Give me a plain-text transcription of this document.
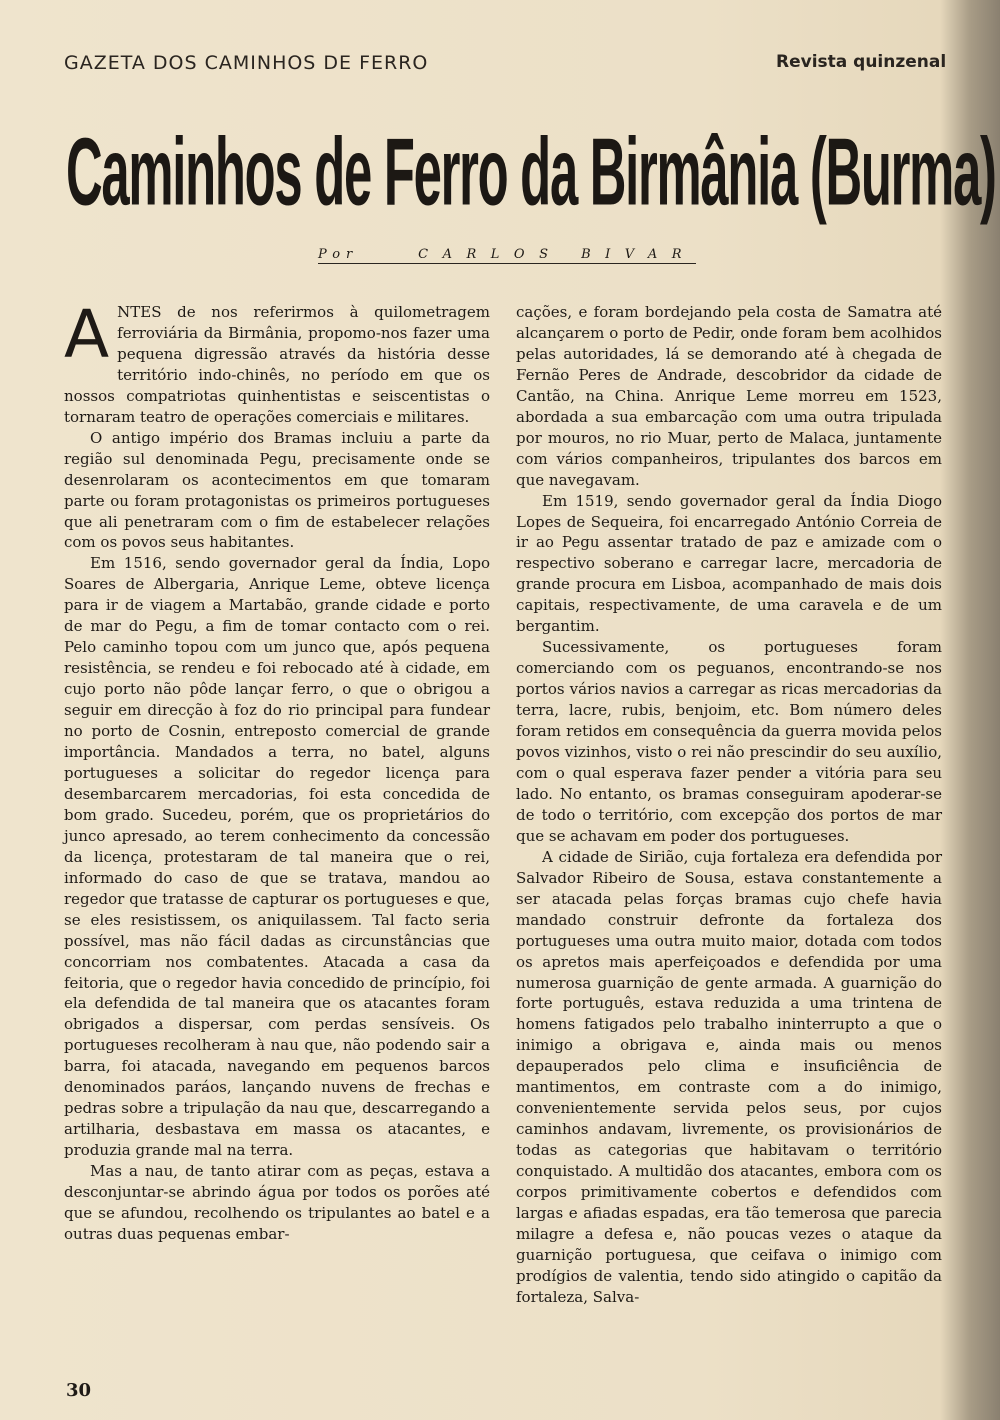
GAZETA DOS CAMINHOS DE FERRO	Revista quinzenal
Caminhos de Ferro da Birmânia (Burma)
Por	CARLOS BIVAR

ANTES de nos referirmos à quilometragem ferroviária da Birmânia, propomo-nos fazer uma pequena digressão através da história desse território indo-chinês, no período em que os nossos compatriotas quinhentistas e seiscentistas o tornaram teatro de operações comerciais e militares.

O antigo império dos Bramas incluiu a parte da região sul denominada Pegu, precisamente onde se desenrolaram os acontecimentos em que tomaram parte ou foram protagonistas os primeiros portugueses que ali penetraram com o fim de estabelecer relações com os povos seus habitantes.

Em 1516, sendo governador geral da Índia, Lopo Soares de Albergaria, Anrique Leme, obteve licença para ir de viagem a Martabão, grande cidade e porto de mar do Pegu, a fim de tomar contacto com o rei. Pelo caminho topou com um junco que, após pequena resistência, se rendeu e foi rebocado até à cidade, em cujo porto não pôde lançar ferro, o que o obrigou a seguir em direcção à foz do rio principal para fundear no porto de Cosnin, entreposto comercial de grande importância. Mandados a terra, no batel, alguns portugueses a solicitar do regedor licença para desembarcarem mercadorias, foi esta concedida de bom grado. Sucedeu, porém, que os proprietários do junco apresado, ao terem conhecimento da concessão da licença, protestaram de tal maneira que o rei, informado do caso de que se tratava, mandou ao regedor que tratasse de capturar os portugueses e que, se eles resistissem, os aniquilassem. Tal facto seria possível, mas não fácil dadas as circunstâncias que concorriam nos combatentes. Atacada a casa da feitoria, que o regedor havia concedido de princípio, foi ela defendida de tal maneira que os atacantes foram obrigados a dispersar, com perdas sensíveis. Os portugueses recolheram à nau que, não podendo sair a barra, foi atacada, navegando em pequenos barcos denominados paráos, lançando nuvens de frechas e pedras sobre a tripulação da nau que, descarregando a artilharia, desbastava em massa os atacantes, e produzia grande mal na terra.

Mas a nau, de tanto atirar com as peças, estava a desconjuntar-se abrindo água por todos os porões até que se afundou, recolhendo os tripulantes ao batel e a outras duas pequenas embar-

cações, e foram bordejando pela costa de Samatra até alcançarem o porto de Pedir, onde foram bem acolhidos pelas autoridades, lá se demorando até à chegada de Fernão Peres de Andrade, descobridor da cidade de Cantão, na China. Anrique Leme morreu em 1523, abordada a sua embarcação com uma outra tripulada por mouros, no rio Muar, perto de Malaca, juntamente com vários companheiros, tripulantes dos barcos em que navegavam.

Em 1519, sendo governador geral da Índia Diogo Lopes de Sequeira, foi encarregado António Correia de ir ao Pegu assentar tratado de paz e amizade com o respectivo soberano e carregar lacre, mercadoria de grande procura em Lisboa, acompanhado de mais dois capitais, respectivamente, de uma caravela e de um bergantim.

Sucessivamente, os portugueses foram comerciando com os peguanos, encontrando-se nos portos vários navios a carregar as ricas mercadorias da terra, lacre, rubis, benjoim, etc. Bom número deles foram retidos em consequência da guerra movida pelos povos vizinhos, visto o rei não prescindir do seu auxílio, com o qual esperava fazer pender a vitória para seu lado. No entanto, os bramas conseguiram apoderar-se de todo o território, com excepção dos portos de mar que se achavam em poder dos portugueses.

A cidade de Sirião, cuja fortaleza era defendida por Salvador Ribeiro de Sousa, estava constantemente a ser atacada pelas forças bramas cujo chefe havia mandado construir defronte da fortaleza dos portugueses uma outra muito maior, dotada com todos os apretos mais aperfeiçoados e defendida por uma numerosa guarnição de gente armada. A guarnição do forte português, estava reduzida a uma trintena de homens fatigados pelo trabalho ininterrupto a que o inimigo a obrigava e, ainda mais ou menos depauperados pelo clima e insuficiência de mantimentos, em contraste com a do inimigo, convenientemente servida pelos seus, por cujos caminhos andavam, livremente, os provisionários de todas as categorias que habitavam o território conquistado. A multidão dos atacantes, embora com os corpos primitivamente cobertos e defendidos com largas e afiadas espadas, era tão temerosa que parecia milagre a defesa e, não poucas vezes o ataque da guarnição portuguesa, que ceifava o inimigo com prodígios de valentia, tendo sido atingido o capitão da fortaleza, Salva-

30
